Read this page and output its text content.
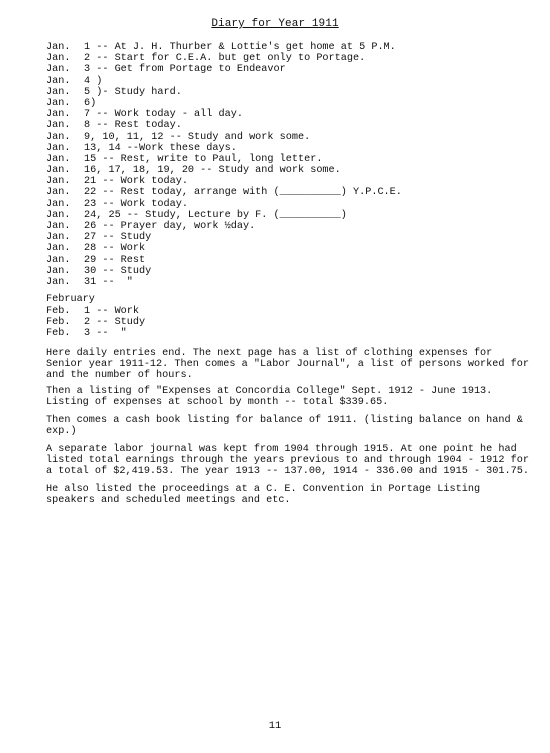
Diary for Year 1911
Jan.	1 -- At J. H. Thurber & Lottie's get home at 5 P.M.
Jan.	2 -- Start for C.E.A. but get only to Portage.
Jan.	3 -- Get from Portage to Endeavor
Jan.	4 )
Jan.	5 )- Study hard.
Jan.	6)
Jan.	7 -- Work today - all day.
Jan.	8 -- Rest today.
Jan.	9, 10, 11, 12 -- Study and work some.
Jan.	13, 14 --Work these days.
Jan.	15 -- Rest, write to Paul, long letter.
Jan.	16, 17, 18, 19, 20 -- Study and work some.
Jan.	21 -- Work today.
Jan.	22 -- Rest today, arrange with (__________) Y.P.C.E.
Jan.	23 -- Work today.
Jan.	24, 25 -- Study, Lecture by F. (__________)
Jan.	26 -- Prayer day, work ½day.
Jan.	27 -- Study
Jan.	28 -- Work
Jan.	29 -- Rest
Jan.	30 -- Study
Jan.	31 --  "
February
Feb.	1 -- Work
Feb.	2 -- Study
Feb.	3 --  "

Here daily entries end. The next page has a list of clothing expenses for Senior year 1911-12. Then comes a "Labor Journal", a list of persons worked for and the number of hours.

Then a listing of "Expenses at Concordia College" Sept. 1912 - June 1913. Listing of expenses at school by month -- total $339.65.

Then comes a cash book listing for balance of 1911. (listing balance on hand & exp.)

A separate labor journal was kept from 1904 through 1915. At one point he had listed total earnings through the years previous to and through 1904 - 1912 for a total of $2,419.53. The year 1913 -- 137.00, 1914 - 336.00 and 1915 - 301.75.

He also listed the proceedings at a C. E. Convention in Portage Listing speakers and scheduled meetings and etc.

11
